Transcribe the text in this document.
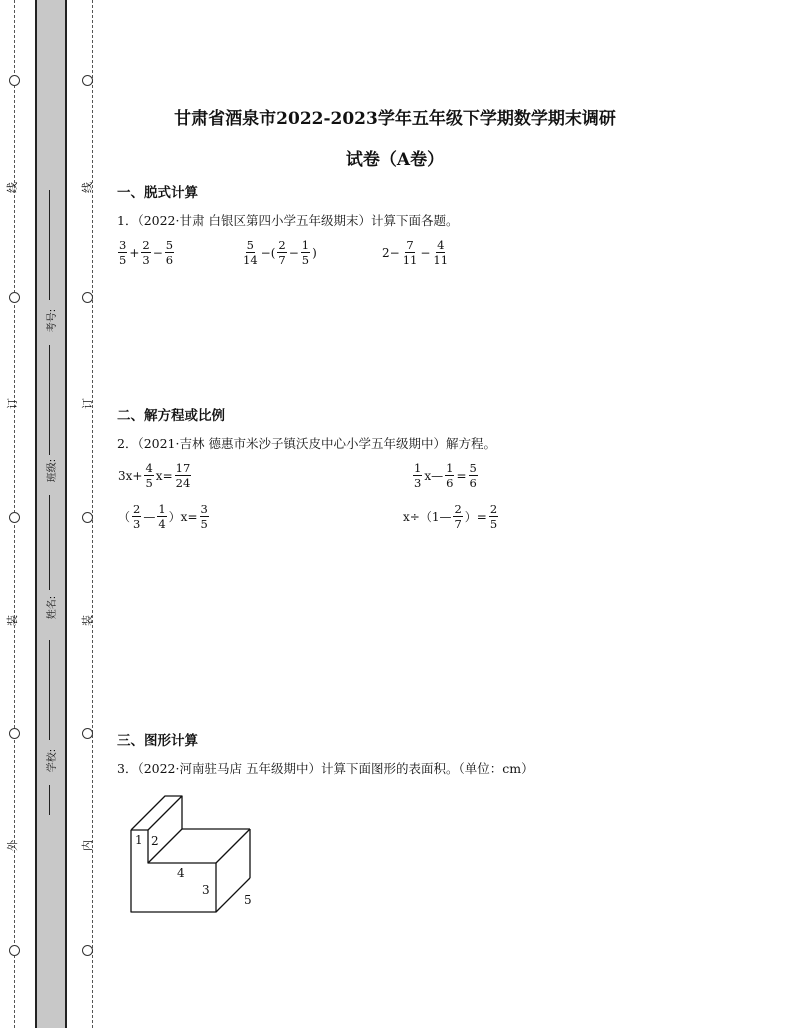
线
订
装
外
线
订
装
内
考号:
班级:
姓名:
学校:
甘肃省酒泉市2022-2023学年五年级下学期数学期末调研
试卷（A卷）
一、脱式计算
1．（2022·甘肃 白银区第四小学五年级期末）计算下面各题。
$\frac{3}{5} + \frac{2}{3} - \frac{5}{6}$	$\frac{5}{14}$ −( $\frac{2}{7} - \frac{1}{5}$ )	$2- \frac{7}{11} - \frac{4}{11}$
二、解方程或比例
2．（2021·吉林 德惠市米沙子镇沃皮中心小学五年级期中）解方程。
$3x+ \frac{4}{5} x= \frac{17}{24}$	$\frac{1}{3}$ x— $\frac{1}{6} = \frac{5}{6}$
（ $\frac{2}{3}$ — $\frac{1}{4} )x= \frac{3}{5}$	x÷（1— $\frac{2}{7}$ ）= $\frac{2}{5}$
三、图形计算
3．（2022·河南驻马店 五年级期中）计算下面图形的表面积。（单位：cm）
1 2
4
3
5
